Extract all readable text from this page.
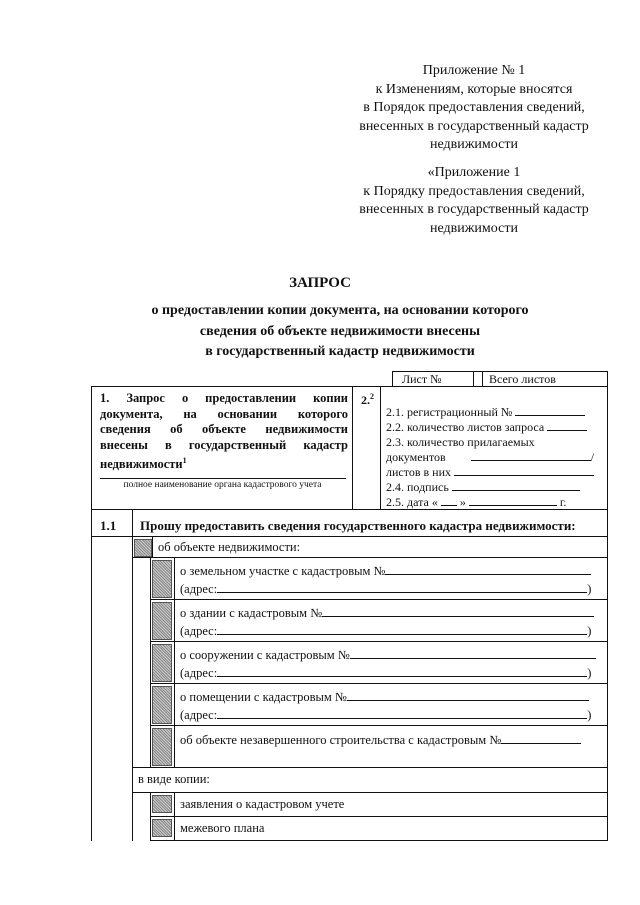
Приложение № 1
к Изменениям, которые вносятся
в Порядок предоставления сведений,
внесенных в государственный кадастр
недвижимости
«Приложение 1
к Порядку предоставления сведений,
внесенных в государственный кадастр
недвижимости
ЗАПРОС
о предоставлении копии документа, на основании которого
сведения об объекте недвижимости внесены
в государственный кадастр недвижимости
Лист №	Всего листов
1. Запрос о предоставлении копии документа, на основании которого сведения об объекте недвижимости внесены в государственный кадастр недвижимости$^1$
полное наименование органа кадастрового учета
2.$^2$
2.1. регистрационный №
2.2. количество листов запроса
2.3. количество прилагаемых
документов	/
листов в них
2.4. подпись
2.5. дата « »	г.
1.1 Прошу предоставить сведения государственного кадастра недвижимости:
об объекте недвижимости:
о земельном участке с кадастровым №
(адрес:	)
о здании с кадастровым №
(адрес:	)
о сооружении с кадастровым №
(адрес:	)
о помещении с кадастровым №
(адрес:	)
об объекте незавершенного строительства с кадастровым №
в виде копии:
заявления о кадастровом учете
межевого плана
